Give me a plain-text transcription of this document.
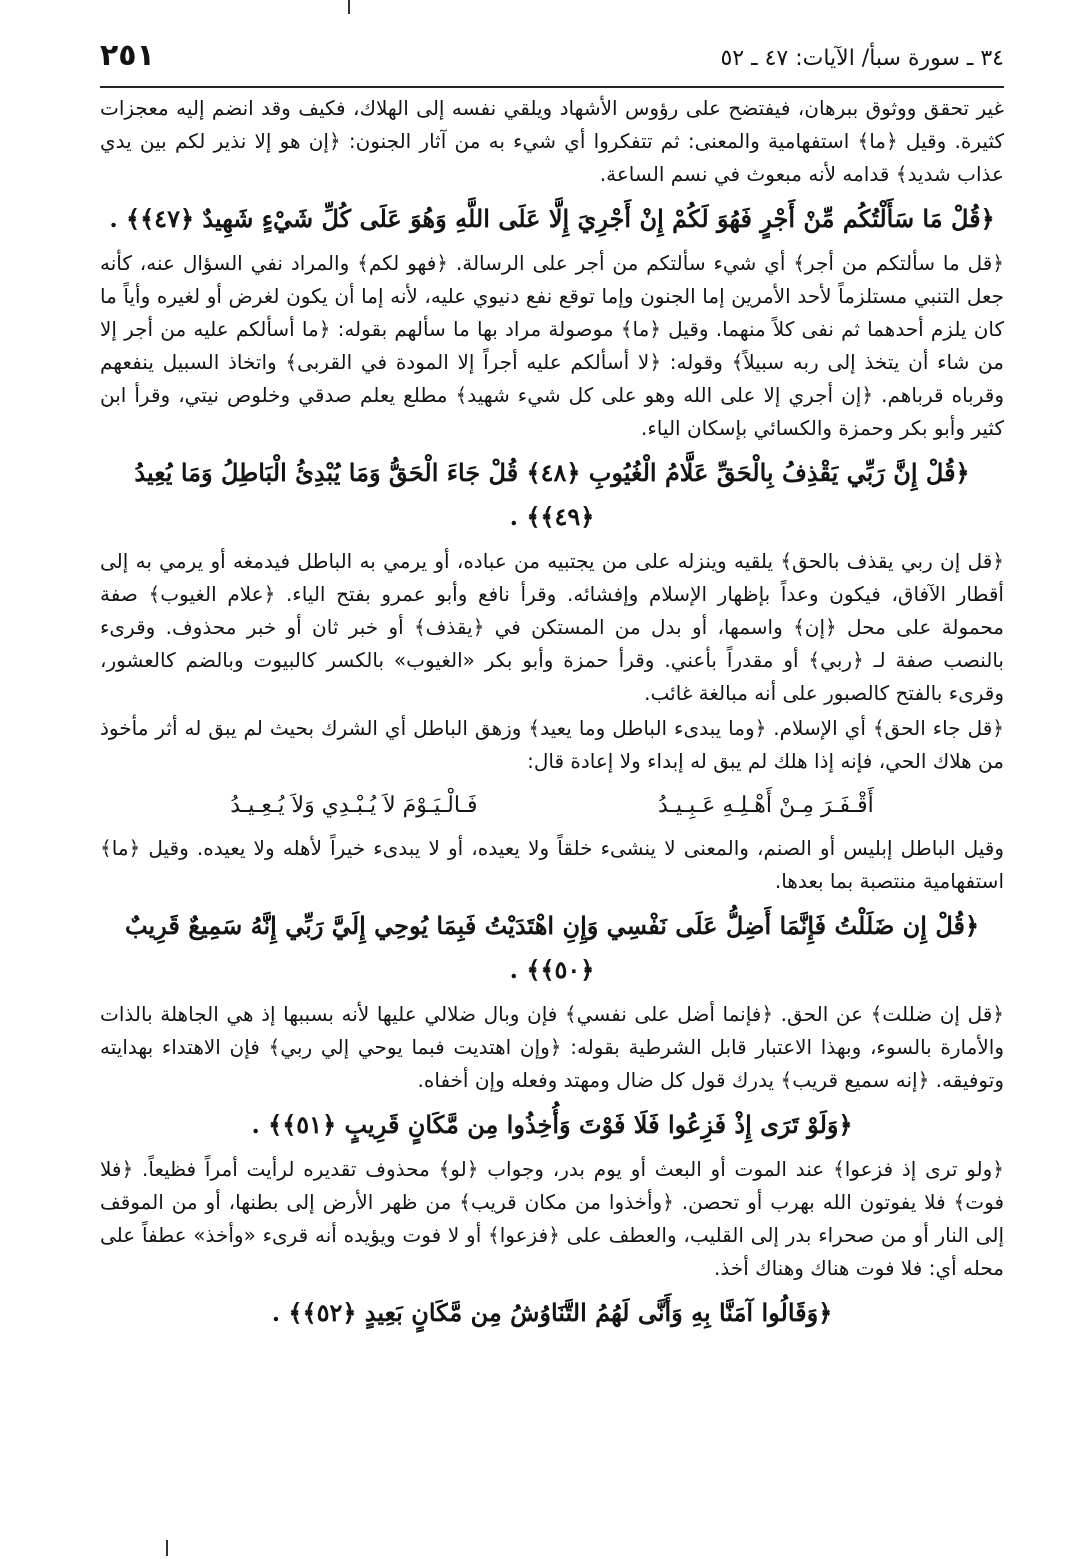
٣٤ ـ سورة سبأ/ الآيات: ٤٧ ـ ٥٢
٢٥١

غير تحقق ووثوق ببرهان، فيفتضح على رؤوس الأشهاد ويلقي نفسه إلى الهلاك، فكيف وقد انضم إليه معجزات كثيرة. وقيل ﴿ما﴾ استفهامية والمعنى: ثم تتفكروا أي شيء به من آثار الجنون: ﴿إن هو إلا نذير لكم بين يدي عذاب شديد﴾ قدامه لأنه مبعوث في نسم الساعة.

﴿قُلْ مَا سَأَلْتُكُم مِّنْ أَجْرٍ فَهُوَ لَكُمْ إِنْ أَجْرِيَ إِلَّا عَلَى اللَّهِ وَهُوَ عَلَى كُلِّ شَيْءٍ شَهِيدٌ ﴿٤٧﴾﴾ .

﴿قل ما سألتكم من أجر﴾ أي شيء سألتكم من أجر على الرسالة. ﴿فهو لكم﴾ والمراد نفي السؤال عنه، كأنه جعل التنبي مستلزماً لأحد الأمرين إما الجنون وإما توقع نفع دنيوي عليه، لأنه إما أن يكون لغرض أو لغيره وأياً ما كان يلزم أحدهما ثم نفى كلاً منهما. وقيل ﴿ما﴾ موصولة مراد بها ما سألهم بقوله: ﴿ما أسألكم عليه من أجر إلا من شاء أن يتخذ إلى ربه سبيلاً﴾ وقوله: ﴿لا أسألكم عليه أجراً إلا المودة في القربى﴾ واتخاذ السبيل ينفعهم وقرباه قرباهم. ﴿إن أجري إلا على الله وهو على كل شيء شهيد﴾ مطلع يعلم صدقي وخلوص نيتي، وقرأ ابن كثير وأبو بكر وحمزة والكسائي بإسكان الياء.

﴿قُلْ إِنَّ رَبِّي يَقْذِفُ بِالْحَقِّ عَلَّامُ الْغُيُوبِ ﴿٤٨﴾ قُلْ جَاءَ الْحَقُّ وَمَا يُبْدِئُ الْبَاطِلُ وَمَا يُعِيدُ ﴿٤٩﴾﴾ .

﴿قل إن ربي يقذف بالحق﴾ يلقيه وينزله على من يجتبيه من عباده، أو يرمي به الباطل فيدمغه أو يرمي به إلى أقطار الآفاق، فيكون وعداً بإظهار الإسلام وإفشائه. وقرأ نافع وأبو عمرو بفتح الياء. ﴿علام الغيوب﴾ صفة محمولة على محل ﴿إن﴾ واسمها، أو بدل من المستكن في ﴿يقذف﴾ أو خبر ثان أو خبر محذوف. وقرىء بالنصب صفة لـ ﴿ربي﴾ أو مقدراً بأعني. وقرأ حمزة وأبو بكر «الغيوب» بالكسر كالبيوت وبالضم كالعشور، وقرىء بالفتح كالصبور على أنه مبالغة غائب.

﴿قل جاء الحق﴾ أي الإسلام. ﴿وما يبدىء الباطل وما يعيد﴾ وزهق الباطل أي الشرك بحيث لم يبق له أثر مأخوذ من هلاك الحي، فإنه إذا هلك لم يبق له إبداء ولا إعادة قال:

أَقْـفَـرَ مِـنْ أَهْـلِـهِ عَـبِـيـدُ
فَـالْـيَـوْمَ لاَ يُـبْـدِي وَلاَ يُـعِـيـدُ

وقيل الباطل إبليس أو الصنم، والمعنى لا ينشىء خلقاً ولا يعيده، أو لا يبدىء خيراً لأهله ولا يعيده. وقيل ﴿ما﴾ استفهامية منتصبة بما بعدها.

﴿قُلْ إِن ضَلَلْتُ فَإِنَّمَا أَضِلُّ عَلَى نَفْسِي وَإِنِ اهْتَدَيْتُ فَبِمَا يُوحِي إِلَيَّ رَبِّي إِنَّهُ سَمِيعٌ قَرِيبٌ ﴿٥٠﴾﴾ .

﴿قل إن ضللت﴾ عن الحق. ﴿فإنما أضل على نفسي﴾ فإن وبال ضلالي عليها لأنه بسببها إذ هي الجاهلة بالذات والأمارة بالسوء، وبهذا الاعتبار قابل الشرطية بقوله: ﴿وإن اهتديت فبما يوحي إلي ربي﴾ فإن الاهتداء بهدايته وتوفيقه. ﴿إنه سميع قريب﴾ يدرك قول كل ضال ومهتد وفعله وإن أخفاه.

﴿وَلَوْ تَرَى إِذْ فَزِعُوا فَلَا فَوْتَ وَأُخِذُوا مِن مَّكَانٍ قَرِيبٍ ﴿٥١﴾﴾ .

﴿ولو ترى إذ فزعوا﴾ عند الموت أو البعث أو يوم بدر، وجواب ﴿لو﴾ محذوف تقديره لرأيت أمراً فظيعاً. ﴿فلا فوت﴾ فلا يفوتون الله بهرب أو تحصن. ﴿وأخذوا من مكان قريب﴾ من ظهر الأرض إلى بطنها، أو من الموقف إلى النار أو من صحراء بدر إلى القليب، والعطف على ﴿فزعوا﴾ أو لا فوت ويؤيده أنه قرىء «وأخذ» عطفاً على محله أي: فلا فوت هناك وهناك أخذ.

﴿وَقَالُوا آمَنَّا بِهِ وَأَنَّى لَهُمُ التَّنَاوُشُ مِن مَّكَانٍ بَعِيدٍ ﴿٥٢﴾﴾ .
